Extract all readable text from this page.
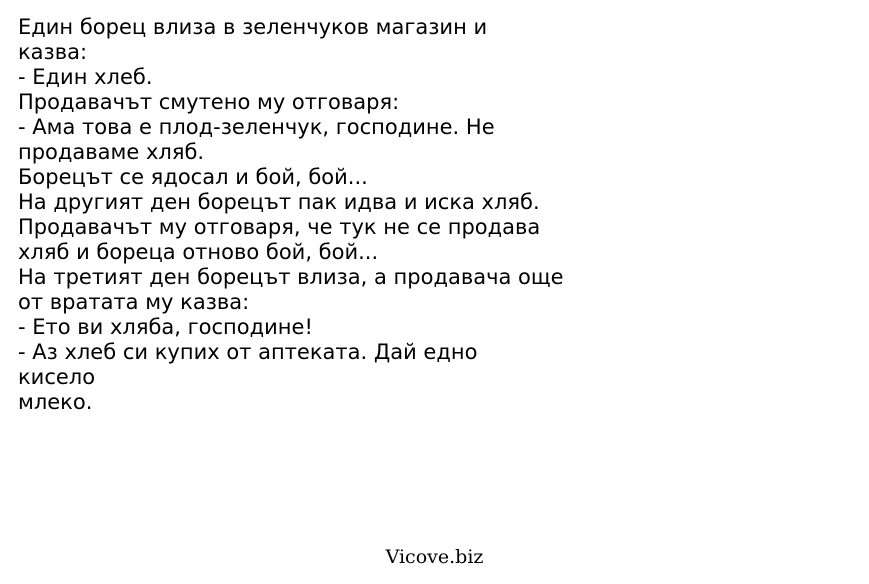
Един борец влиза в зеленчуков магазин и
казва:
- Един хлеб.
Продавачът смутено му отговаря:
- Ама това е плод-зеленчук, господине. Не
продаваме хляб.
Борецът се ядосал и бой, бой...
На другият ден борецът пак идва и иска хляб.
Продавачът му отговаря, че тук не се продава
хляб и бореца отново бой, бой...
На третият ден борецът влиза, а продавача още
от вратата му казва:
- Ето ви хляба, господине!
- Аз хлеб си купих от аптеката. Дай едно
кисело
млеко.
Vicove.biz
